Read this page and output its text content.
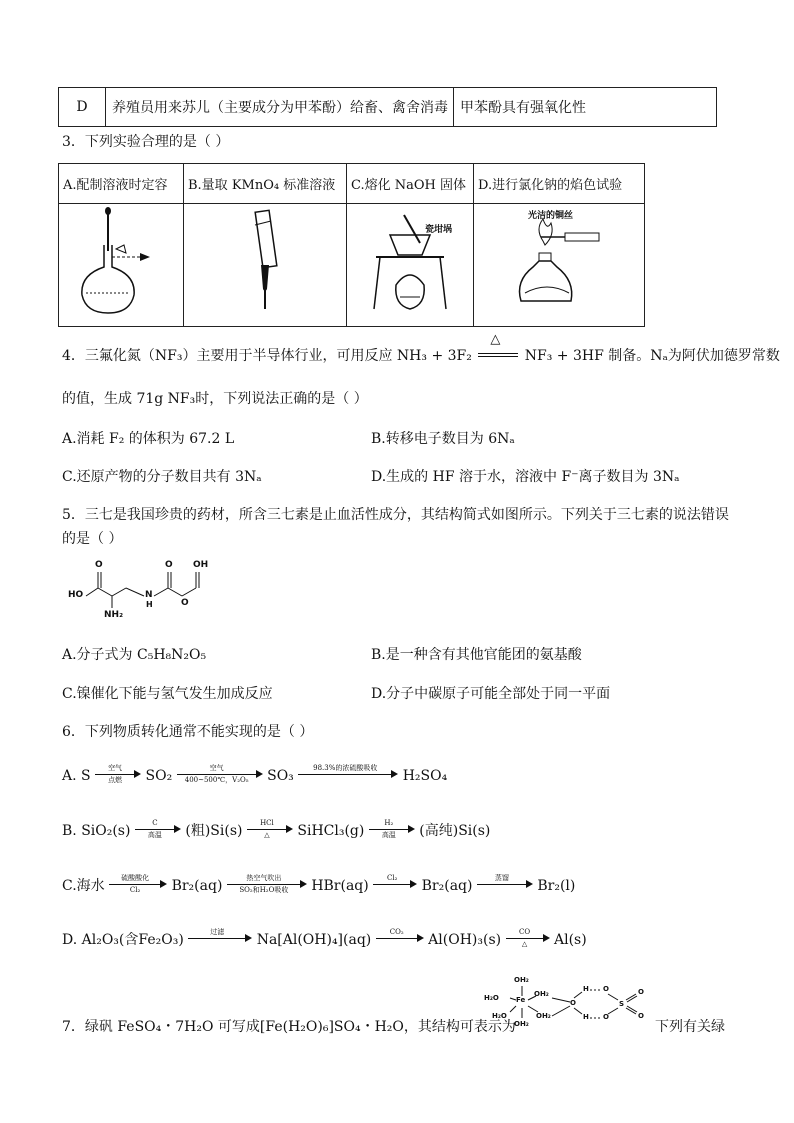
D	养殖员用来苏儿（主要成分为甲苯酚）给畜、禽舍消毒	甲苯酚具有强氧化性
3．下列实验合理的是（ ）
A.配制溶液时定容	B.量取 KMnO₄ 标准溶液	C.熔化 NaOH 固体	D.进行氯化钠的焰色试验

瓷坩埚	光洁的铜丝
4．三氟化氮（NF₃）主要用于半导体行业，可用反应 NH₃ + 3F₂
△
NF₃ + 3HF 制备。Nₐ为阿伏加德罗常数
的值，生成 71g NF₃时，下列说法正确的是（ ）
A.消耗 F₂ 的体积为 67.2 L	B.转移电子数目为 6Nₐ
C.还原产物的分子数目共有 3Nₐ	D.生成的 HF 溶于水，溶液中 F⁻离子数目为 3Nₐ
5．三七是我国珍贵的药材，所含三七素是止血活性成分，其结构简式如图所示。下列关于三七素的说法错误
的是（ ）
HO
O
NH₂
N
H
O
O
OH
A.分子式为 C₅H₈N₂O₅	B.是一种含有其他官能团的氨基酸
C.镍催化下能与氢气发生加成反应	D.分子中碳原子可能全部处于同一平面
6．下列物质转化通常不能实现的是（ ）
A. S	空气
点燃	SO₂	空气
400~500℃，V₂O₅	SO₃	98.3%的浓硫酸吸收	H₂SO₄
B. SiO₂(s)	C
高温	(粗)Si(s)	HCl
△	SiHCl₃(g)	H₂
高温	(高纯)Si(s)
C.海水	硫酸酸化
Cl₂	Br₂(aq)	热空气吹出
SO₂和H₂O吸收	HBr(aq)	Cl₂	Br₂(aq)	蒸馏	Br₂(l)
D. Al₂O₃(含Fe₂O₃)	过滤	Na[Al(OH)₄](aq)	CO₂	Al(OH)₃(s)	CO
△	Al(s)
7．绿矾 FeSO₄・7H₂O 可写成[Fe(H₂O)₆]SO₄・H₂O，其结构可表示为
OH₂
H₂O Fe
OH₂
H₂O
OH₂
OH₂
O
H O
S
O
O
H O
下列有关绿
